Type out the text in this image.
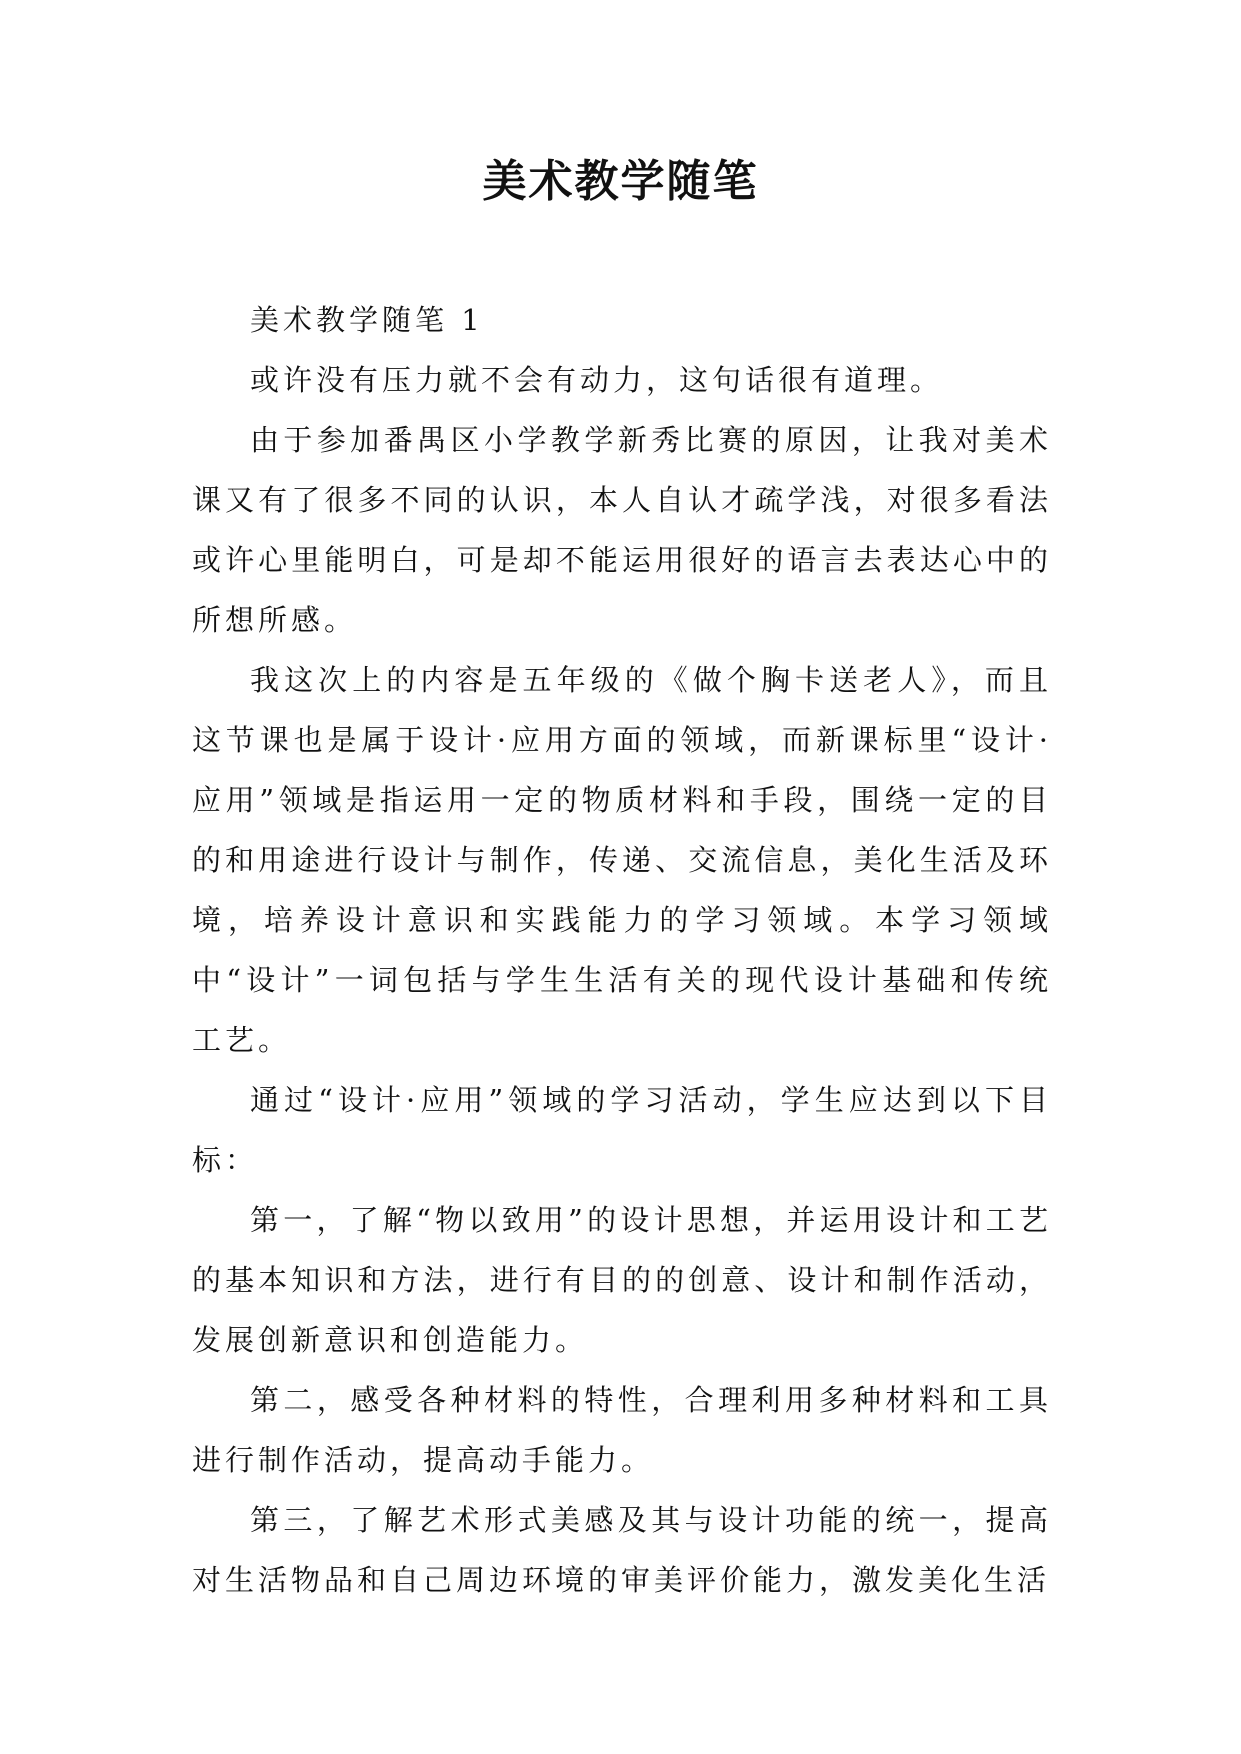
美术教学随笔

美术教学随笔 1

或许没有压力就不会有动力，这句话很有道理。

由于参加番禺区小学教学新秀比赛的原因，让我对美术课又有了很多不同的认识，本人自认才疏学浅，对很多看法或许心里能明白，可是却不能运用很好的语言去表达心中的所想所感。

我这次上的内容是五年级的《做个胸卡送老人》，而且这节课也是属于设计·应用方面的领域，而新课标里“设计·应用”领域是指运用一定的物质材料和手段，围绕一定的目的和用途进行设计与制作，传递、交流信息，美化生活及环境，培养设计意识和实践能力的学习领域。本学习领域中“设计”一词包括与学生生活有关的现代设计基础和传统工艺。

通过“设计·应用”领域的学习活动，学生应达到以下目标：

第一，了解“物以致用”的设计思想，并运用设计和工艺的基本知识和方法，进行有目的的创意、设计和制作活动，发展创新意识和创造能力。

第二，感受各种材料的特性，合理利用多种材料和工具进行制作活动，提高动手能力。

第三，了解艺术形式美感及其与设计功能的统一，提高对生活物品和自己周边环境的审美评价能力，激发美化生活
